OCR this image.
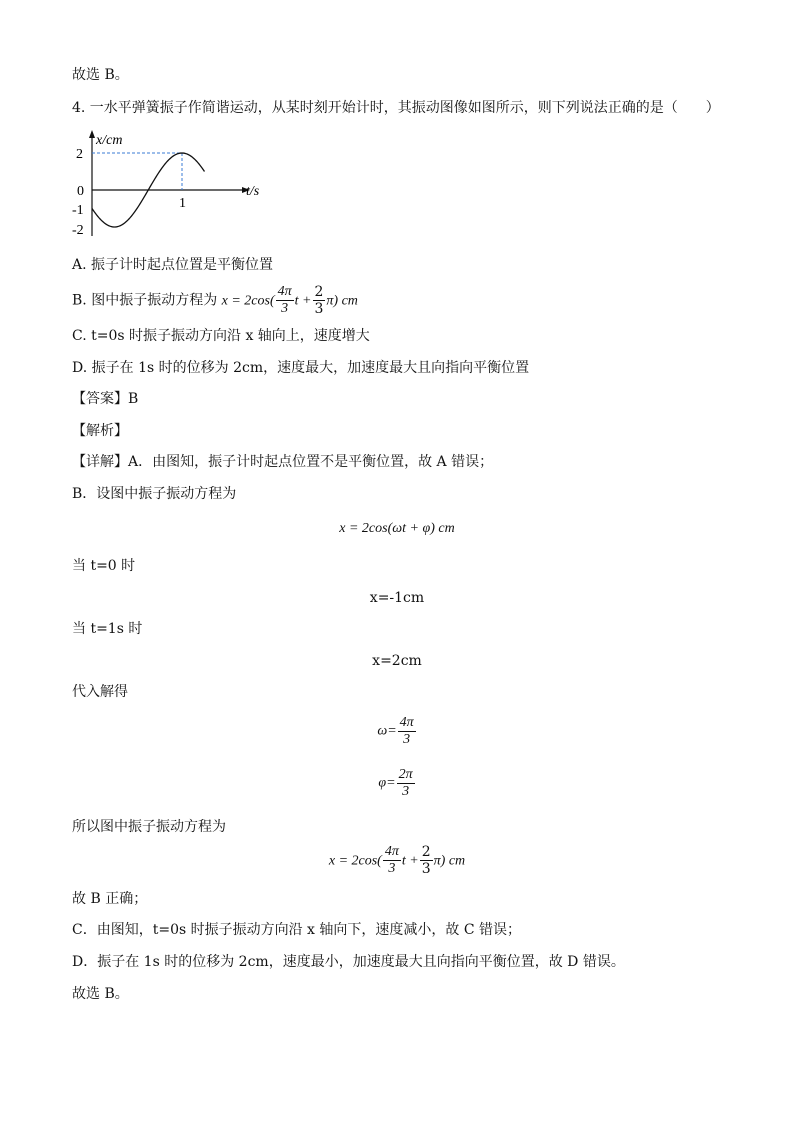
故选 B。
4. 一水平弹簧振子作简谐运动，从某时刻开始计时，其振动图像如图所示，则下列说法正确的是（　　）
x/cm
t/s
2
0
-1
-2
1
A. 振子计时起点位置是平衡位置
B. 图中振子振动方程为 $x = 2\cos( \frac{4\pi}{3}$ $t + \frac{2}{3} \pi$) cm
C. t=0s 时振子振动方向沿 x 轴向上，速度增大
D. 振子在 1s 时的位移为 2cm，速度最大，加速度最大且向指向平衡位置
【答案】B
【解析】
【详解】A．由图知，振子计时起点位置不是平衡位置，故 A 错误；
B．设图中振子振动方程为
x = 2cos(ωt + φ) cm
当 t=0 时
x=-1cm
当 t=1s 时
x=2cm
代入解得
$\omega= \frac{4\pi}{3}$
$\varphi= \frac{2\pi}{3}$
所以图中振子振动方程为
$x = 2\cos( \frac{4\pi}{3}$ $t + \frac{2}{3} \pi$) cm
故 B 正确；
C．由图知，t=0s 时振子振动方向沿 x 轴向下，速度减小，故 C 错误；
D．振子在 1s 时的位移为 2cm，速度最小，加速度最大且向指向平衡位置，故 D 错误。
故选 B。
